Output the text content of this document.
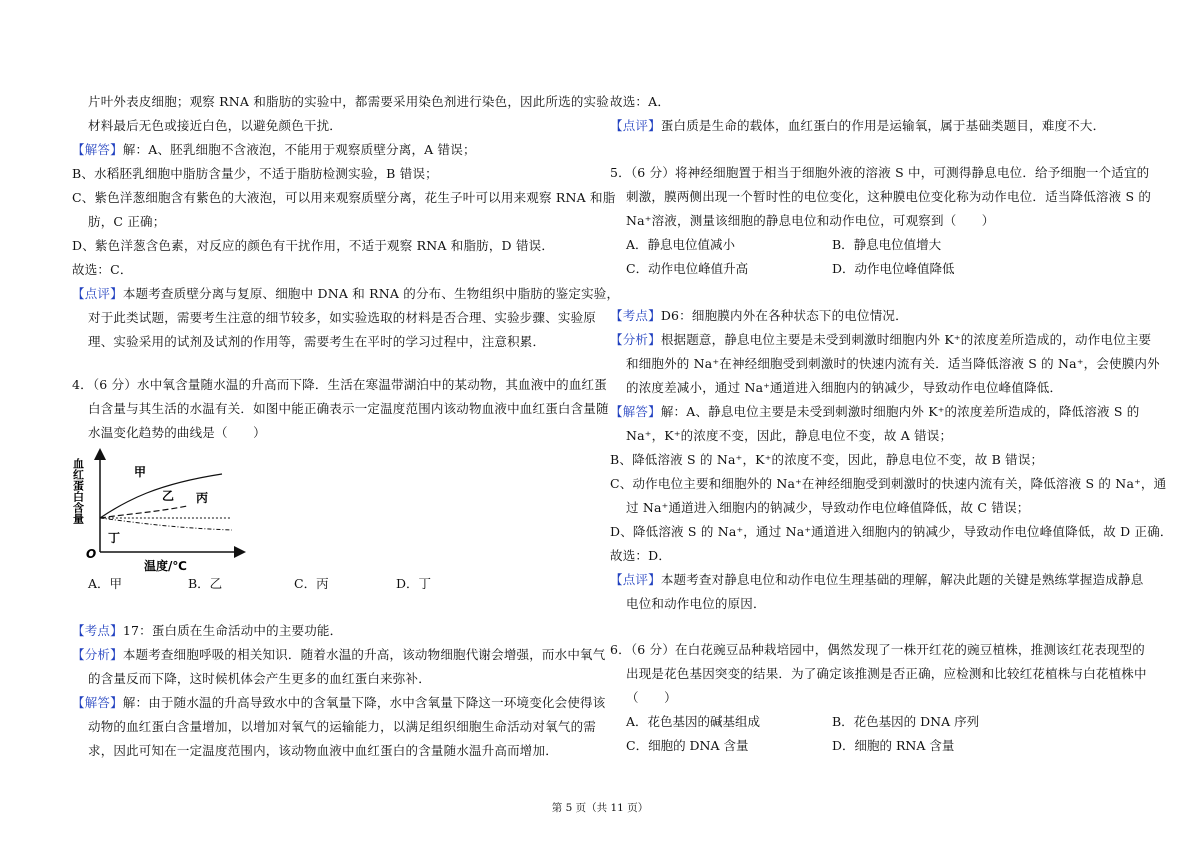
片叶外表皮细胞；观察 RNA 和脂肪的实验中，都需要采用染色剂进行染色，因此所选的实验
材料最后无色或接近白色，以避免颜色干扰．
【解答】解：A、胚乳细胞不含液泡，不能用于观察质壁分离，A 错误；
B、水稻胚乳细胞中脂肪含量少，不适于脂肪检测实验，B 错误；
C、紫色洋葱细胞含有紫色的大液泡，可以用来观察质壁分离，花生子叶可以用来观察 RNA 和脂
肪，C 正确；
D、紫色洋葱含色素，对反应的颜色有干扰作用，不适于观察 RNA 和脂肪，D 错误．
故选：C．
【点评】本题考查质壁分离与复原、细胞中 DNA 和 RNA 的分布、生物组织中脂肪的鉴定实验，
对于此类试题，需要考生注意的细节较多，如实验选取的材料是否合理、实验步骤、实验原
理、实验采用的试剂及试剂的作用等，需要考生在平时的学习过程中，注意积累．
4．（6 分）水中氧含量随水温的升高而下降．生活在寒温带湖泊中的某动物，其血液中的血红蛋
白含量与其生活的水温有关．如图中能正确表示一定温度范围内该动物血液中血红蛋白含量随
水温变化趋势的曲线是（　　）
A．甲	B．乙	C．丙	D．丁
【考点】17：蛋白质在生命活动中的主要功能．
【分析】本题考查细胞呼吸的相关知识．随着水温的升高，该动物细胞代谢会增强，而水中氧气
的含量反而下降，这时候机体会产生更多的血红蛋白来弥补．
【解答】解：由于随水温的升高导致水中的含氧量下降，水中含氧量下降这一环境变化会使得该
动物的血红蛋白含量增加，以增加对氧气的运输能力，以满足组织细胞生命活动对氧气的需
求，因此可知在一定温度范围内，该动物血液中血红蛋白的含量随水温升高而增加．
血红蛋白含量
O
温度/℃
甲
乙 丙
丁
故选：A．
【点评】蛋白质是生命的载体，血红蛋白的作用是运输氧，属于基础类题目，难度不大．
5．（6 分）将神经细胞置于相当于细胞外液的溶液 S 中，可测得静息电位．给予细胞一个适宜的
刺激，膜两侧出现一个暂时性的电位变化，这种膜电位变化称为动作电位．适当降低溶液 S 的
Na⁺溶液，测量该细胞的静息电位和动作电位，可观察到（　　）
A．静息电位值减小	B．静息电位值增大
C．动作电位峰值升高	D．动作电位峰值降低
【考点】D6：细胞膜内外在各种状态下的电位情况．
【分析】根据题意，静息电位主要是未受到刺激时细胞内外 K⁺的浓度差所造成的，动作电位主要
和细胞外的 Na⁺在神经细胞受到刺激时的快速内流有关．适当降低溶液 S 的 Na⁺，会使膜内外
的浓度差减小，通过 Na⁺通道进入细胞内的钠减少，导致动作电位峰值降低．
【解答】解：A、静息电位主要是未受到刺激时细胞内外 K⁺的浓度差所造成的，降低溶液 S 的
Na⁺，K⁺的浓度不变，因此，静息电位不变，故 A 错误；
B、降低溶液 S 的 Na⁺，K⁺的浓度不变，因此，静息电位不变，故 B 错误；
C、动作电位主要和细胞外的 Na⁺在神经细胞受到刺激时的快速内流有关，降低溶液 S 的 Na⁺，通
过 Na⁺通道进入细胞内的钠减少，导致动作电位峰值降低，故 C 错误；
D、降低溶液 S 的 Na⁺，通过 Na⁺通道进入细胞内的钠减少，导致动作电位峰值降低，故 D 正确．
故选：D．
【点评】本题考查对静息电位和动作电位生理基础的理解，解决此题的关键是熟练掌握造成静息
电位和动作电位的原因．
6．（6 分）在白花豌豆品种栽培园中，偶然发现了一株开红花的豌豆植株，推测该红花表现型的
出现是花色基因突变的结果．为了确定该推测是否正确，应检测和比较红花植株与白花植株中
（　　）
A．花色基因的碱基组成	B．花色基因的 DNA 序列
C．细胞的 DNA 含量	D．细胞的 RNA 含量
第 5 页（共 11 页）
